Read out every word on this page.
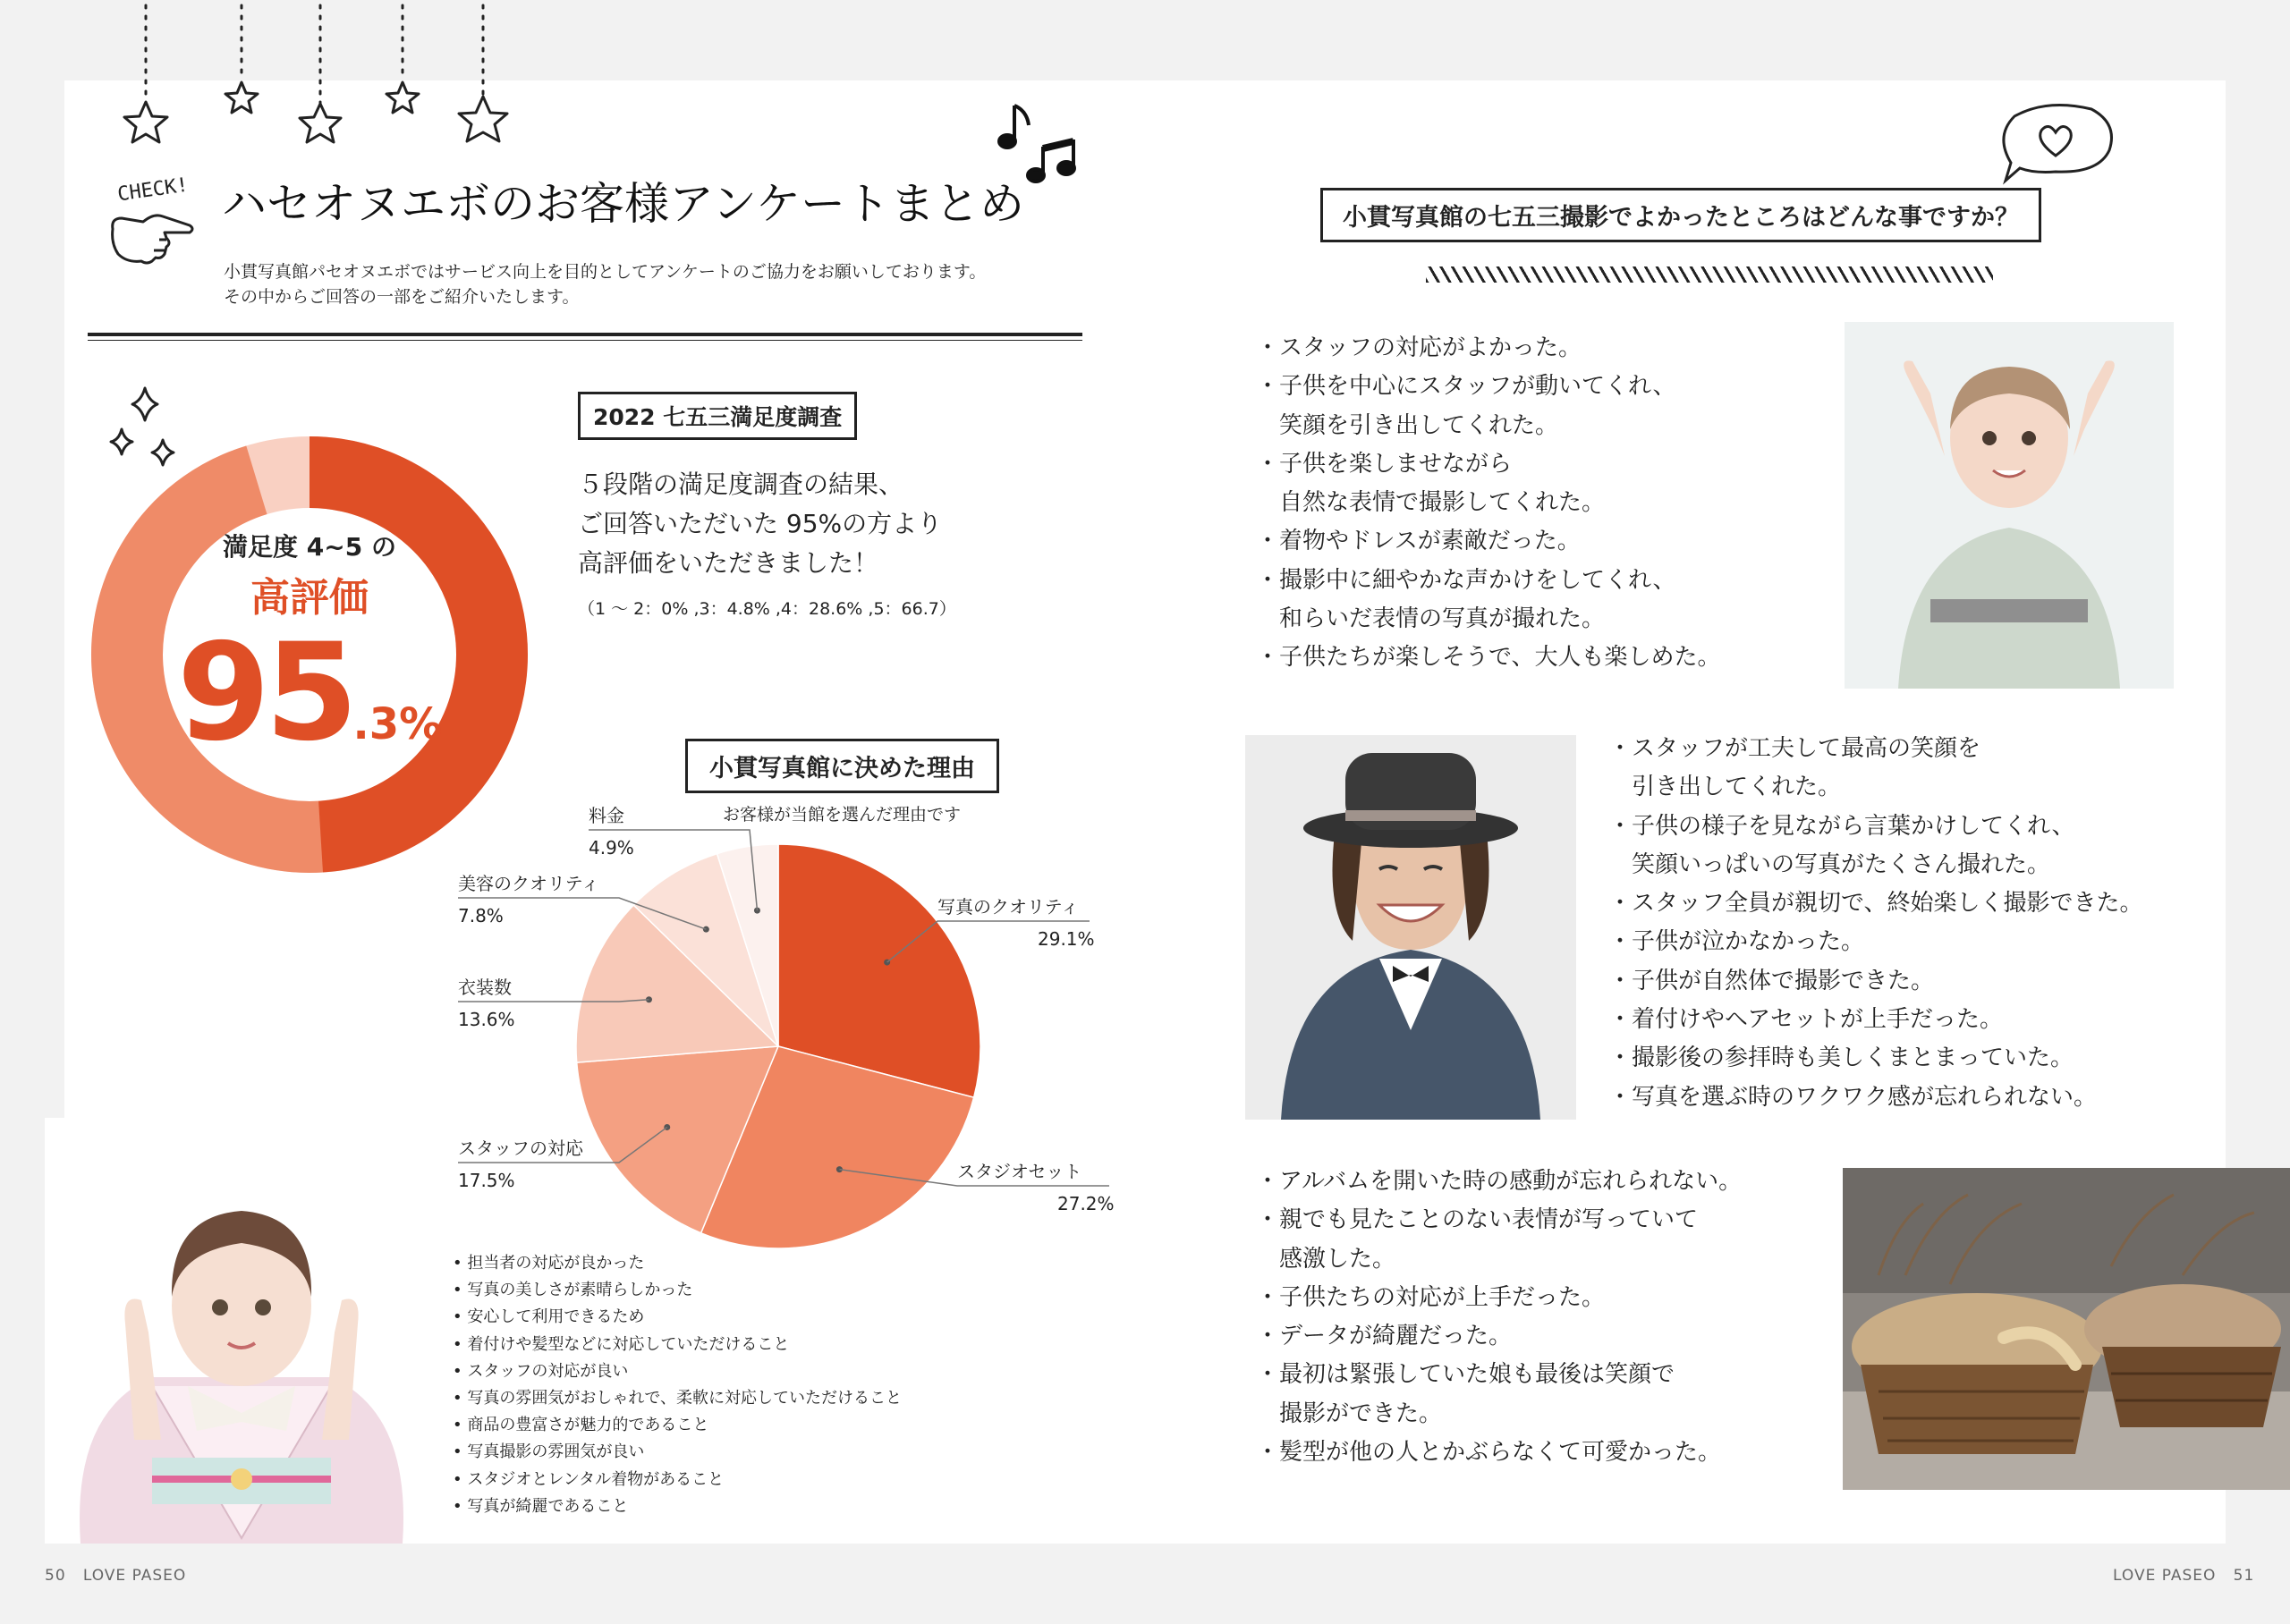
CHECK! ハセオヌエボのお客様アンケートまとめ
小貫写真館パセオヌエボではサービス向上を目的としてアンケートのご協力をお願いしております。
その中からご回答の一部をご紹介いたします。
満足度 4~5 の
高評価
95.3%
2022 七五三満足度調査
５段階の満足度調査の結果、
ご回答いただいた 95%の方より
高評価をいただきました！
（1 ～ 2：0% ,3：4.8% ,4：28.6% ,5：66.7）
小貫写真館に決めた理由
お客様が当館を選んだ理由です
写真のクオリティ
29.1%
スタジオセット
27.2%
スタッフの対応
17.5%
衣装数
13.6%
美容のクオリティ
7.8%
料金
4.9%
• 担当者の対応が良かった
• 写真の美しさが素晴らしかった
• 安心して利用できるため
• 着付けや髪型などに対応していただけること
• スタッフの対応が良い
• 写真の雰囲気がおしゃれで、柔軟に対応していただけること
• 商品の豊富さが魅力的であること
• 写真撮影の雰囲気が良い
• スタジオとレンタル着物があること
• 写真が綺麗であること
小貫写真館の七五三撮影でよかったところはどんな事ですか？
・スタッフの対応がよかった。
・子供を中心にスタッフが動いてくれ、
　笑顔を引き出してくれた。
・子供を楽しませながら
　自然な表情で撮影してくれた。
・着物やドレスが素敵だった。
・撮影中に細やかな声かけをしてくれ、
　和らいだ表情の写真が撮れた。
・子供たちが楽しそうで、大人も楽しめた。
・スタッフが工夫して最高の笑顔を
　引き出してくれた。
・子供の様子を見ながら言葉かけしてくれ、
　笑顔いっぱいの写真がたくさん撮れた。
・スタッフ全員が親切で、終始楽しく撮影できた。
・子供が泣かなかった。
・子供が自然体で撮影できた。
・着付けやヘアセットが上手だった。
・撮影後の参拝時も美しくまとまっていた。
・写真を選ぶ時のワクワク感が忘れられない。
・アルバムを開いた時の感動が忘れられない。
・親でも見たことのない表情が写っていて
　感激した。
・子供たちの対応が上手だった。
・データが綺麗だった。
・最初は緊張していた娘も最後は笑顔で
　撮影ができた。
・髪型が他の人とかぶらなくて可愛かった。
50 LOVE PASEO	LOVE PASEO 51
